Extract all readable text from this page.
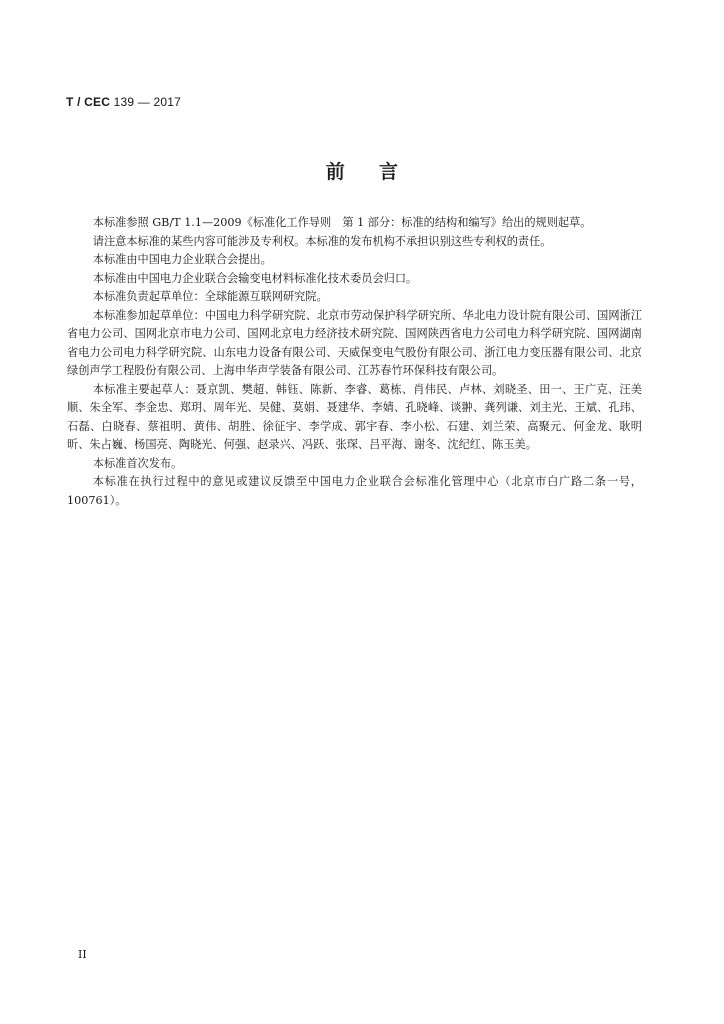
T / CEC 139 — 2017
前 言

本标准参照 GB/T 1.1—2009《标准化工作导则　第 1 部分：标准的结构和编写》给出的规则起草。

请注意本标准的某些内容可能涉及专利权。本标准的发布机构不承担识别这些专利权的责任。

本标准由中国电力企业联合会提出。

本标准由中国电力企业联合会输变电材料标准化技术委员会归口。

本标准负责起草单位：全球能源互联网研究院。

本标准参加起草单位：中国电力科学研究院、北京市劳动保护科学研究所、华北电力设计院有限公司、国网浙江省电力公司、国网北京市电力公司、国网北京电力经济技术研究院、国网陕西省电力公司电力科学研究院、国网湖南省电力公司电力科学研究院、山东电力设备有限公司、天威保变电气股份有限公司、浙江电力变压器有限公司、北京绿创声学工程股份有限公司、上海申华声学装备有限公司、江苏春竹环保科技有限公司。

本标准主要起草人：聂京凯、樊超、韩钰、陈新、李睿、葛栋、肖伟民、卢林、刘晓圣、田一、王广克、汪美顺、朱全军、李金忠、郑玥、周年光、吴健、莫娟、聂建华、李婧、孔晓峰、谈翀、龚列谦、刘主光、王斌、孔玮、石磊、白晓春、蔡祖明、黄伟、胡胜、徐征宇、李学成、郭宇春、李小松、石建、刘兰荣、高聚元、何金龙、耿明昕、朱占巍、杨国亮、陶晓光、何强、赵录兴、冯跃、张琛、吕平海、谢冬、沈纪红、陈玉美。

本标准首次发布。

本标准在执行过程中的意见或建议反馈至中国电力企业联合会标准化管理中心（北京市白广路二条一号，100761）。

II
